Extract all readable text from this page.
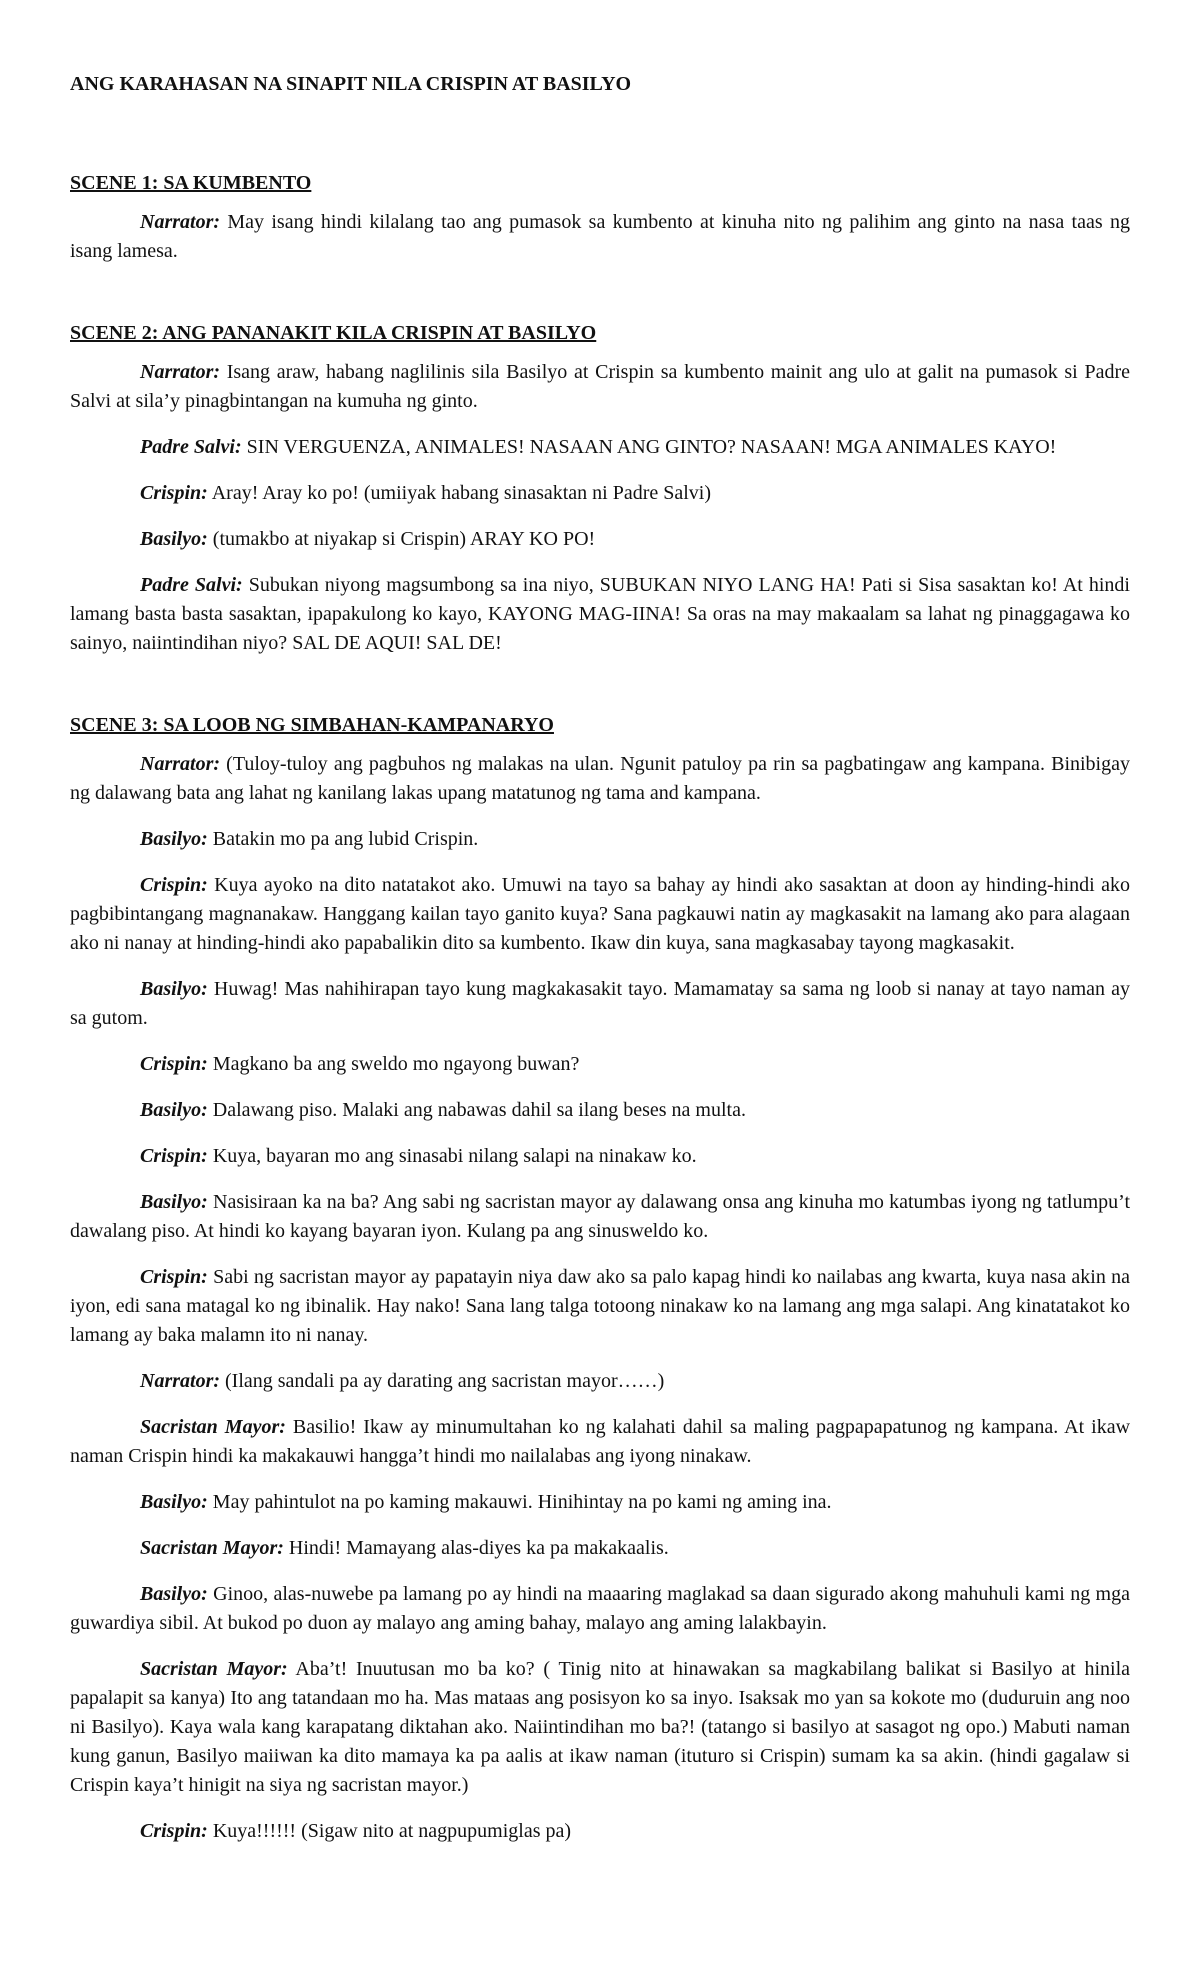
ANG KARAHASAN NA SINAPIT NILA CRISPIN AT BASILYO
SCENE 1: SA KUMBENTO

Narrator: May isang hindi kilalang tao ang pumasok sa kumbento at kinuha nito ng palihim ang ginto na nasa taas ng isang lamesa.

SCENE 2: ANG PANANAKIT KILA CRISPIN AT BASILYO

Narrator: Isang araw, habang naglilinis sila Basilyo at Crispin sa kumbento mainit ang ulo at galit na pumasok si Padre Salvi at sila’y pinagbintangan na kumuha ng ginto.

Padre Salvi: SIN VERGUENZA, ANIMALES! NASAAN ANG GINTO? NASAAN! MGA ANIMALES KAYO!

Crispin: Aray! Aray ko po! (umiiyak habang sinasaktan ni Padre Salvi)

Basilyo: (tumakbo at niyakap si Crispin) ARAY KO PO!

Padre Salvi: Subukan niyong magsumbong sa ina niyo, SUBUKAN NIYO LANG HA! Pati si Sisa sasaktan ko! At hindi lamang basta basta sasaktan, ipapakulong ko kayo, KAYONG MAG-IINA! Sa oras na may makaalam sa lahat ng pinaggagawa ko sainyo, naiintindihan niyo? SAL DE AQUI! SAL DE!

SCENE 3: SA LOOB NG SIMBAHAN-KAMPANARYO

Narrator: (Tuloy-tuloy ang pagbuhos ng malakas na ulan. Ngunit patuloy pa rin sa pagbatingaw ang kampana. Binibigay ng dalawang bata ang lahat ng kanilang lakas upang matatunog ng tama and kampana.

Basilyo: Batakin mo pa ang lubid Crispin.

Crispin: Kuya ayoko na dito natatakot ako. Umuwi na tayo sa bahay ay hindi ako sasaktan at doon ay hinding-hindi ako pagbibintangang magnanakaw. Hanggang kailan tayo ganito kuya? Sana pagkauwi natin ay magkasakit na lamang ako para alagaan ako ni nanay at hinding-hindi ako papabalikin dito sa kumbento. Ikaw din kuya, sana magkasabay tayong magkasakit.

Basilyo: Huwag! Mas nahihirapan tayo kung magkakasakit tayo. Mamamatay sa sama ng loob si nanay at tayo naman ay sa gutom.

Crispin: Magkano ba ang sweldo mo ngayong buwan?

Basilyo: Dalawang piso. Malaki ang nabawas dahil sa ilang beses na multa.

Crispin: Kuya, bayaran mo ang sinasabi nilang salapi na ninakaw ko.

Basilyo: Nasisiraan ka na ba? Ang sabi ng sacristan mayor ay dalawang onsa ang kinuha mo katumbas iyong ng tatlumpu’t dawalang piso. At hindi ko kayang bayaran iyon. Kulang pa ang sinusweldo ko.

Crispin: Sabi ng sacristan mayor ay papatayin niya daw ako sa palo kapag hindi ko nailabas ang kwarta, kuya nasa akin na iyon, edi sana matagal ko ng ibinalik. Hay nako! Sana lang talga totoong ninakaw ko na lamang ang mga salapi. Ang kinatatakot ko lamang ay baka malamn ito ni nanay.

Narrator: (Ilang sandali pa ay darating ang sacristan mayor……)

Sacristan Mayor: Basilio! Ikaw ay minumultahan ko ng kalahati dahil sa maling pagpapapatunog ng kampana. At ikaw naman Crispin hindi ka makakauwi hangga’t hindi mo nailalabas ang iyong ninakaw.

Basilyo: May pahintulot na po kaming makauwi. Hinihintay na po kami ng aming ina.

Sacristan Mayor: Hindi! Mamayang alas-diyes ka pa makakaalis.

Basilyo: Ginoo, alas-nuwebe pa lamang po ay hindi na maaaring maglakad sa daan sigurado akong mahuhuli kami ng mga guwardiya sibil. At bukod po duon ay malayo ang aming bahay, malayo ang aming lalakbayin.

Sacristan Mayor: Aba’t! Inuutusan mo ba ko? ( Tinig nito at hinawakan sa magkabilang balikat si Basilyo at hinila papalapit sa kanya) Ito ang tatandaan mo ha. Mas mataas ang posisyon ko sa inyo. Isaksak mo yan sa kokote mo (duduruin ang noo ni Basilyo). Kaya wala kang karapatang diktahan ako. Naiintindihan mo ba?! (tatango si basilyo at sasagot ng opo.) Mabuti naman kung ganun, Basilyo maiiwan ka dito mamaya ka pa aalis at ikaw naman (ituturo si Crispin) sumam ka sa akin. (hindi gagalaw si Crispin kaya’t hinigit na siya ng sacristan mayor.)

Crispin: Kuya!!!!!! (Sigaw nito at nagpupumiglas pa)
